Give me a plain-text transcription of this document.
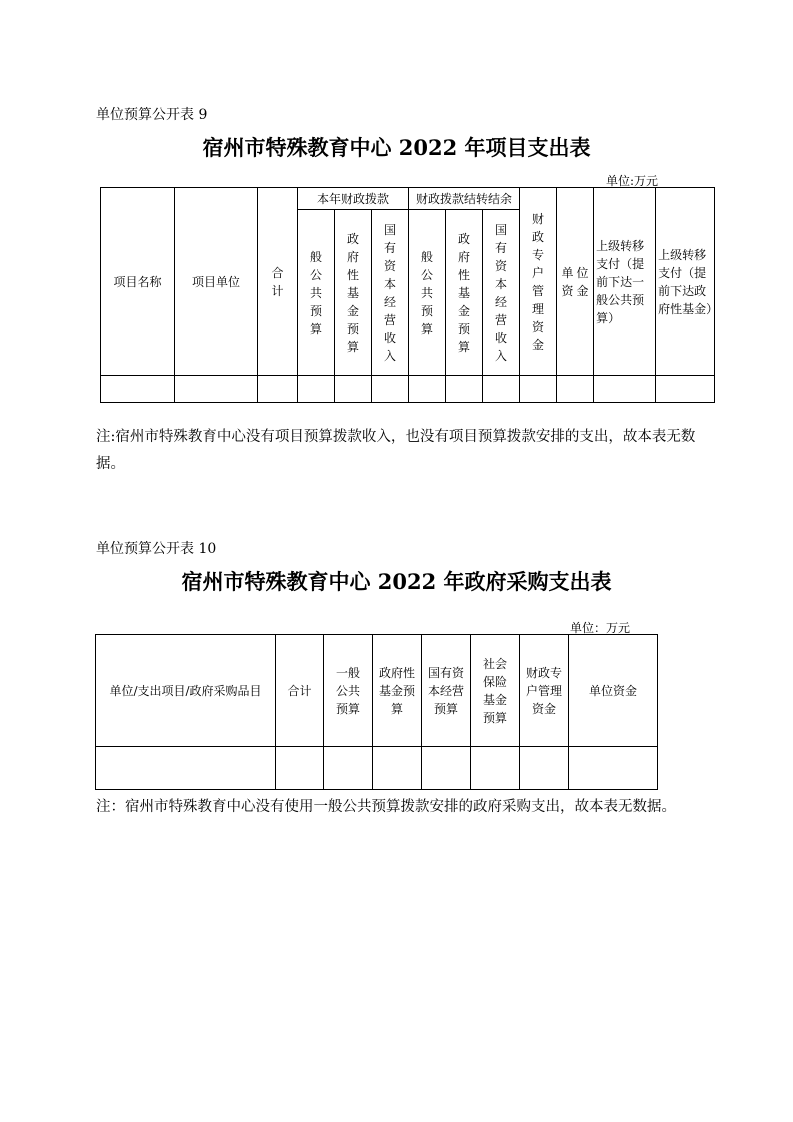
单位预算公开表 9
宿州市特殊教育中心 2022 年项目支出表
单位:万元
项目名称	项目单位	合计	本年财政拨款			财政拨款结转结余			财政专户管理资金	单资位金	上级转移支付（提前下达一般公共预算）	上级转移支付（提前下达政府性基金）

			般公共预算	政府性基金预算	国有资本经营收入	般公共预算	政府性基金预算	国有资本经营收入				

注:宿州市特殊教育中心没有项目预算拨款收入，也没有项目预算拨款安排的支出，故本表无数据。
单位预算公开表 10
宿州市特殊教育中心 2022 年政府采购支出表
单位：万元
单位/支出项目/政府采购品目	合计	一般公共预算	政府性基金预算	国有资本经营预算	社会保险基金预算	财政专户管理资金	单位资金

注：宿州市特殊教育中心没有使用一般公共预算拨款安排的政府采购支出，故本表无数据。
